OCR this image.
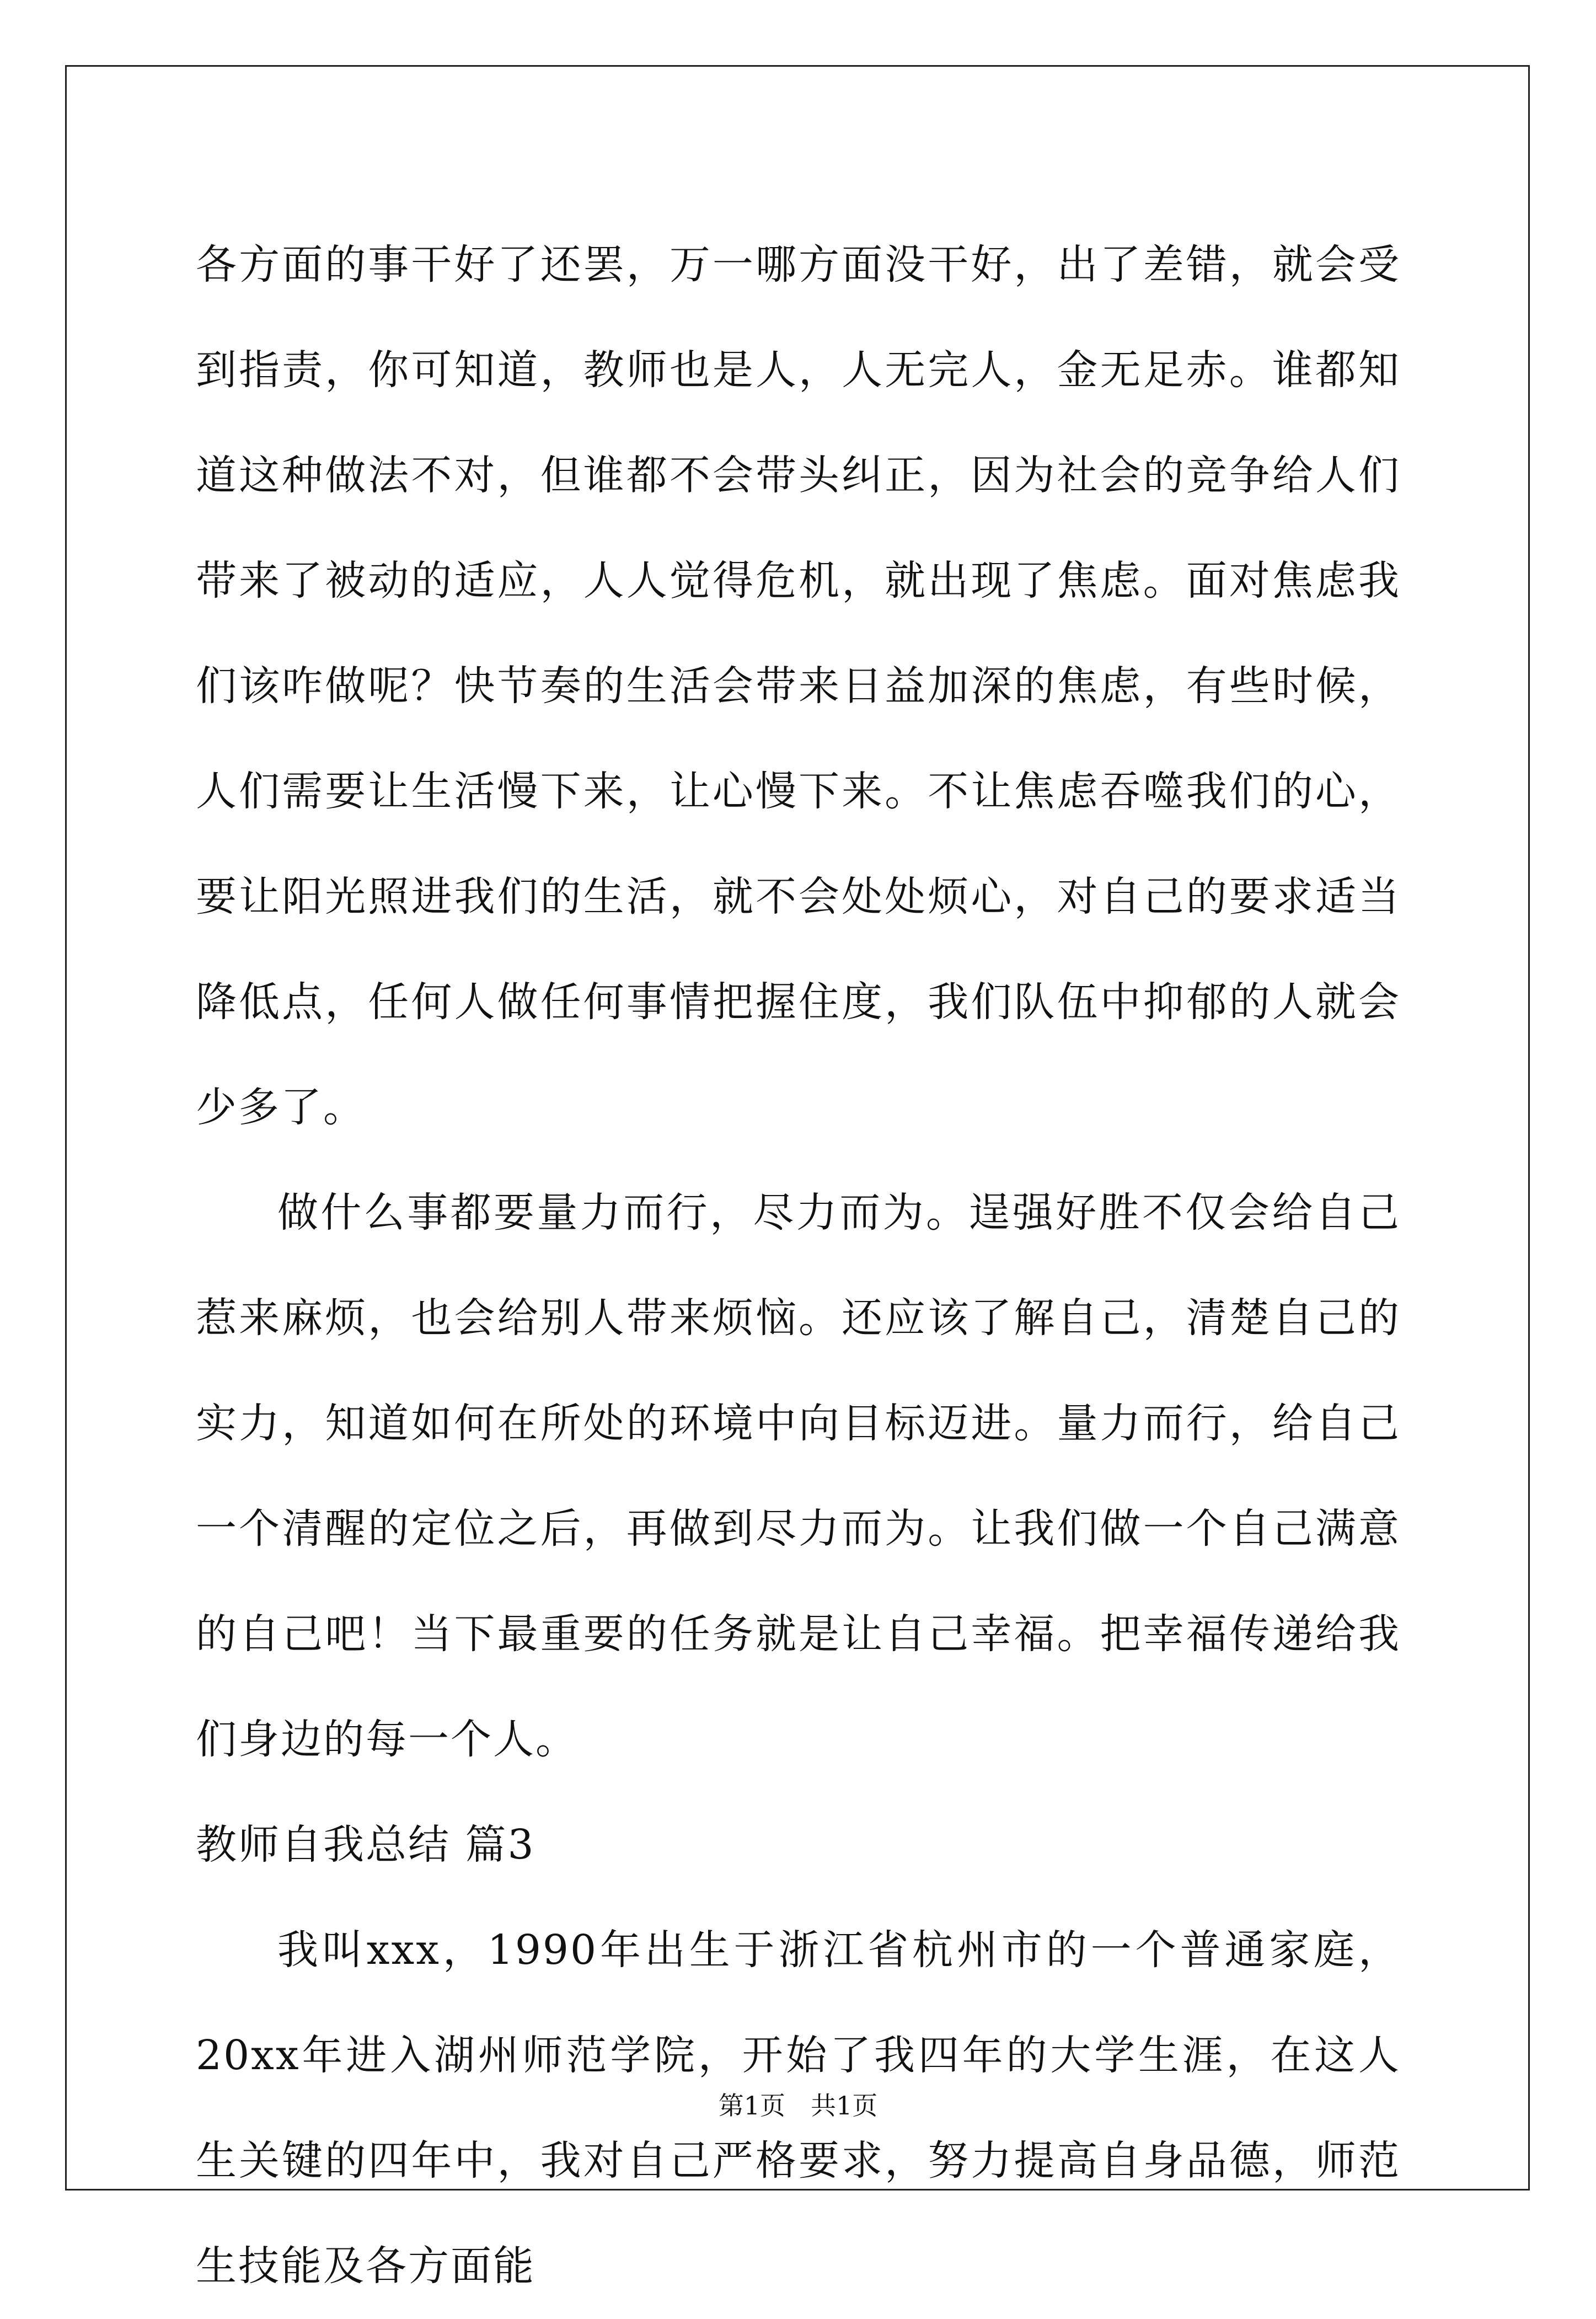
各方面的事干好了还罢，万一哪方面没干好，出了差错，就会受到指责，你可知道，教师也是人，人无完人，金无足赤。谁都知道这种做法不对，但谁都不会带头纠正，因为社会的竞争给人们带来了被动的适应，人人觉得危机，就出现了焦虑。面对焦虑我们该咋做呢？快节奏的生活会带来日益加深的焦虑，有些时候，人们需要让生活慢下来，让心慢下来。不让焦虑吞噬我们的心，要让阳光照进我们的生活，就不会处处烦心，对自己的要求适当降低点，任何人做任何事情把握住度，我们队伍中抑郁的人就会少多了。

做什么事都要量力而行，尽力而为。逞强好胜不仅会给自己惹来麻烦，也会给别人带来烦恼。还应该了解自己，清楚自己的实力，知道如何在所处的环境中向目标迈进。量力而行，给自己一个清醒的定位之后，再做到尽力而为。让我们做一个自己满意的自己吧！当下最重要的任务就是让自己幸福。把幸福传递给我们身边的每一个人。

教师自我总结 篇3

我叫xxx，1990年出生于浙江省杭州市的一个普通家庭，20xx年进入湖州师范学院，开始了我四年的大学生涯，在这人生关键的四年中，我对自己严格要求，努力提高自身品德，师范生技能及各方面能

第1页 共1页
